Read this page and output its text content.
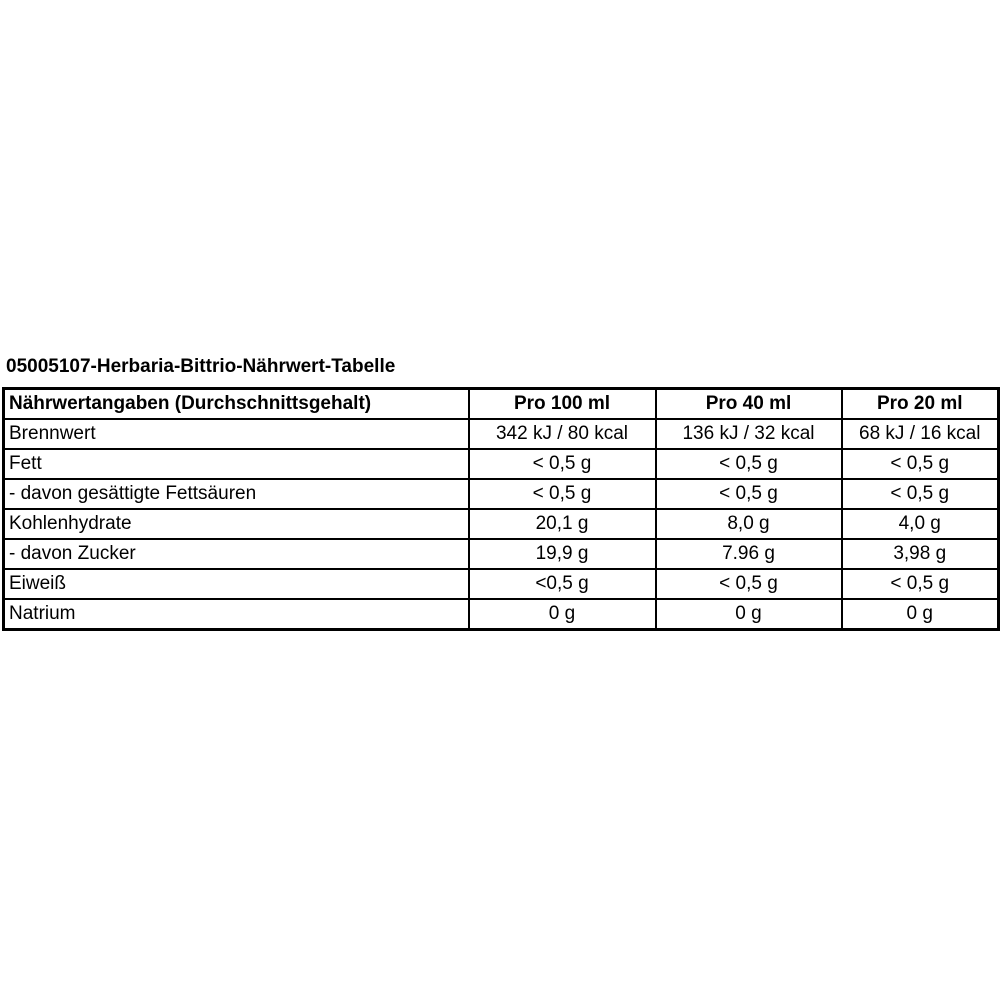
05005107-Herbaria-Bittrio-Nährwert-Tabelle
Nährwertangaben (Durchschnittsgehalt)	Pro 100 ml	Pro 40 ml	Pro 20 ml
Brennwert	342 kJ / 80 kcal	136 kJ / 32 kcal	68 kJ / 16 kcal
Fett	< 0,5 g	< 0,5 g	< 0,5 g
- davon gesättigte Fettsäuren	< 0,5 g	< 0,5 g	< 0,5 g
Kohlenhydrate	20,1 g	8,0 g	4,0 g
- davon Zucker	19,9 g	7.96 g	3,98 g
Eiweiß	<0,5 g	< 0,5 g	< 0,5 g
Natrium	0 g	0 g	0 g
